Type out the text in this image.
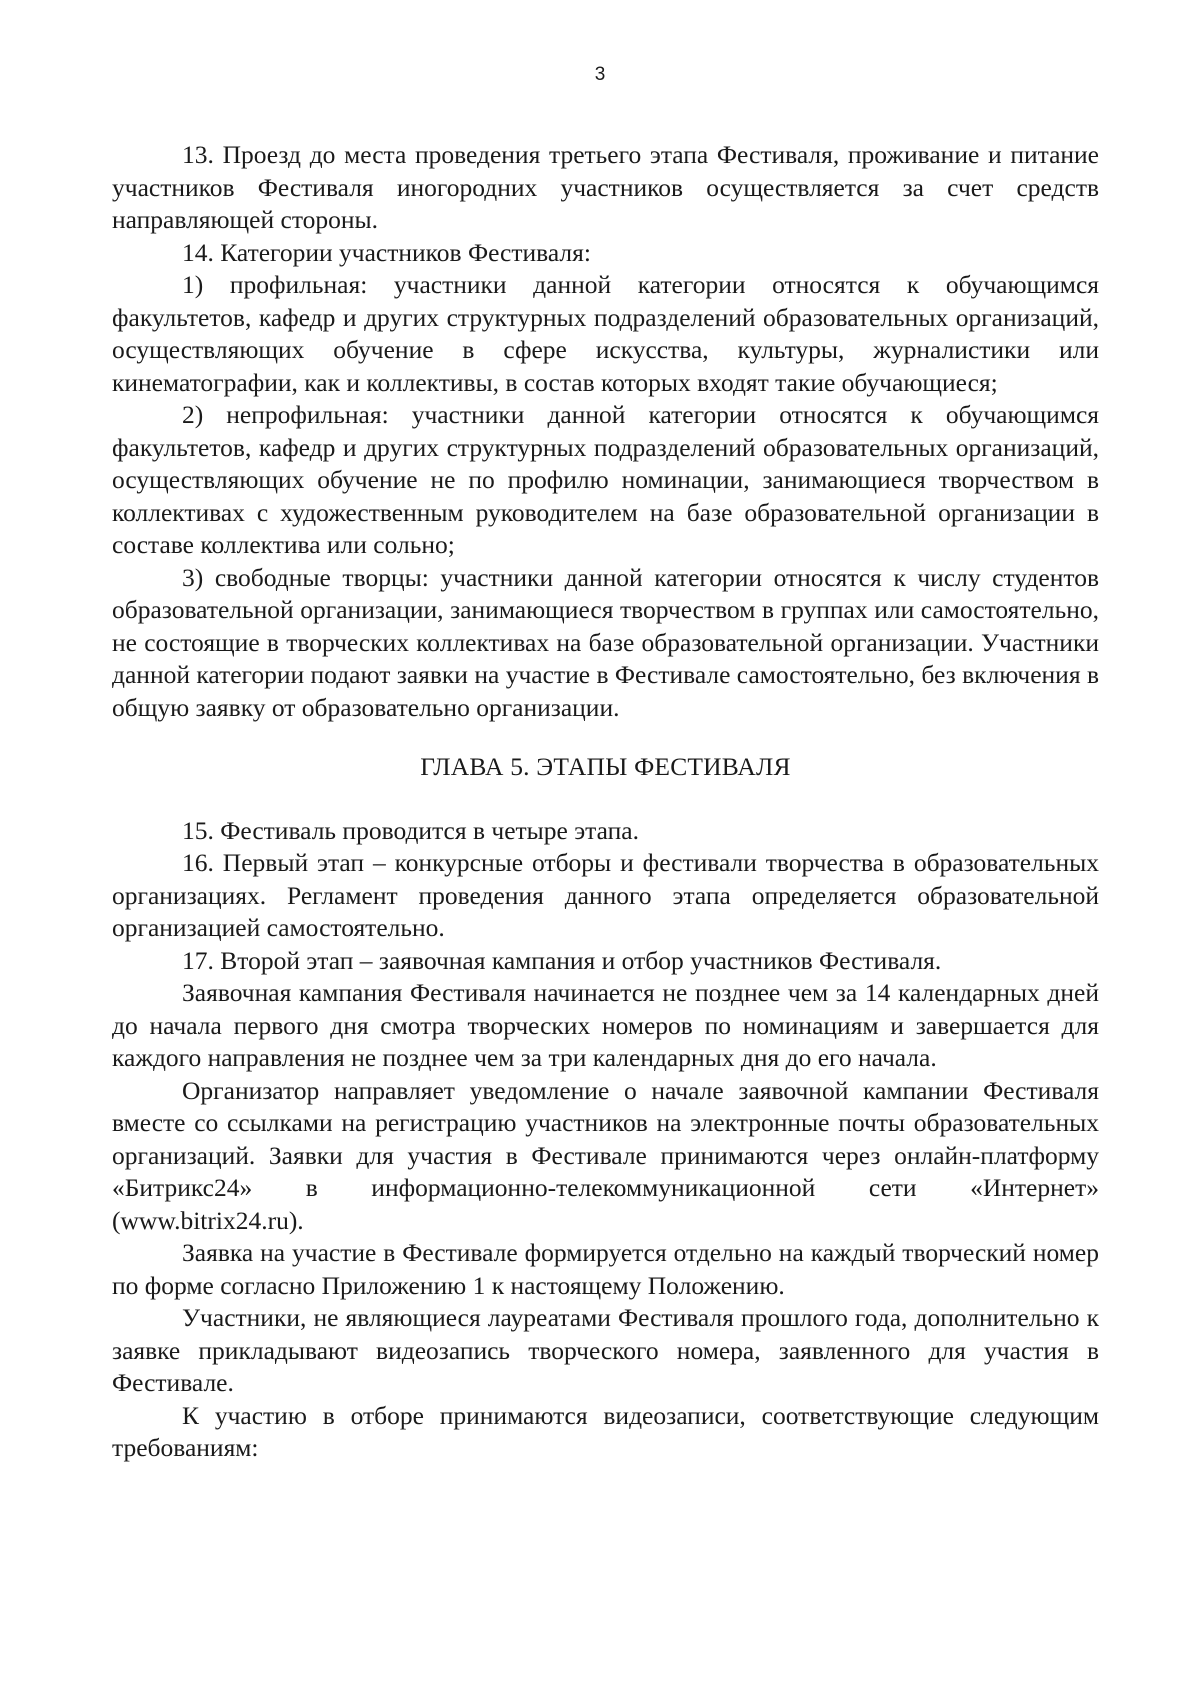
3

13. Проезд до места проведения третьего этапа Фестиваля, проживание и питание участников Фестиваля иногородних участников осуществляется за счет средств направляющей стороны.

14. Категории участников Фестиваля:

1) профильная: участники данной категории относятся к обучающимся факультетов, кафедр и других структурных подразделений образовательных организаций, осуществляющих обучение в сфере искусства, культуры, журналистики или кинематографии, как и коллективы, в состав которых входят такие обучающиеся;

2) непрофильная: участники данной категории относятся к обучающимся факультетов, кафедр и других структурных подразделений образовательных организаций, осуществляющих обучение не по профилю номинации, занимающиеся творчеством в коллективах с художественным руководителем на базе образовательной организации в составе коллектива или сольно;

3) свободные творцы: участники данной категории относятся к числу студентов образовательной организации, занимающиеся творчеством в группах или самостоятельно, не состоящие в творческих коллективах на базе образовательной организации. Участники данной категории подают заявки на участие в Фестивале самостоятельно, без включения в общую заявку от образовательно организации.

ГЛАВА 5. ЭТАПЫ ФЕСТИВАЛЯ

15. Фестиваль проводится в четыре этапа.

16. Первый этап – конкурсные отборы и фестивали творчества в образовательных организациях. Регламент проведения данного этапа определяется образовательной организацией самостоятельно.

17. Второй этап – заявочная кампания и отбор участников Фестиваля.

Заявочная кампания Фестиваля начинается не позднее чем за 14 календарных дней до начала первого дня смотра творческих номеров по номинациям и завершается для каждого направления не позднее чем за три календарных дня до его начала.

Организатор направляет уведомление о начале заявочной кампании Фестиваля вместе со ссылками на регистрацию участников на электронные почты образовательных организаций. Заявки для участия в Фестивале принимаются через онлайн-платформу «Битрикс24» в информационно-телекоммуникационной сети «Интернет» (www.bitrix24.ru).

Заявка на участие в Фестивале формируется отдельно на каждый творческий номер по форме согласно Приложению 1 к настоящему Положению.

Участники, не являющиеся лауреатами Фестиваля прошлого года, дополнительно к заявке прикладывают видеозапись творческого номера, заявленного для участия в Фестивале.

К участию в отборе принимаются видеозаписи, соответствующие следующим требованиям:
